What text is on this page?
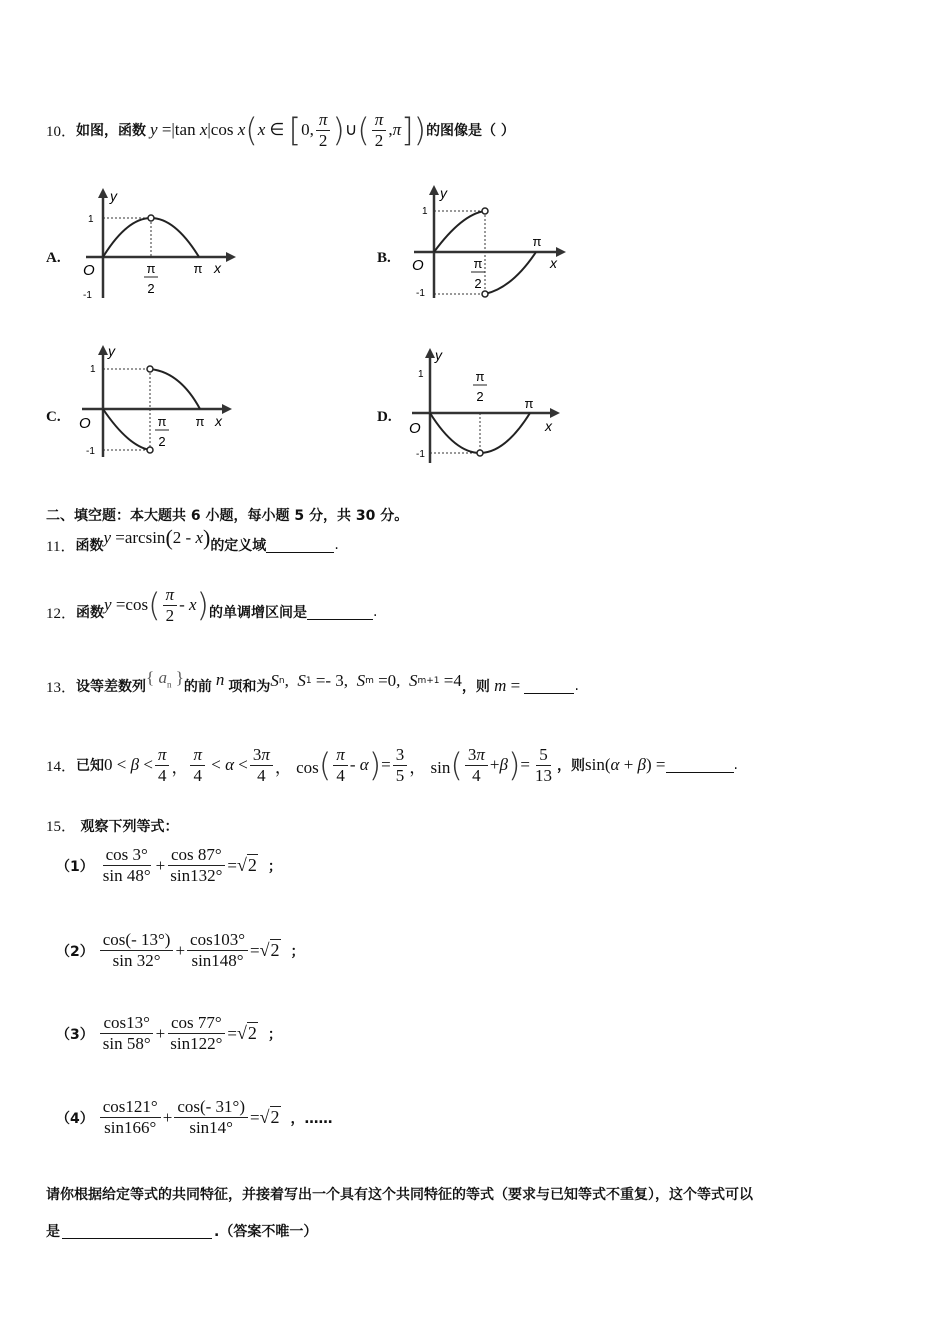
10． 如图，函数 y =|tan x |cos x ( x ∈ [ 0, $\frac{\pi}{2}$ ) ∪ ( $\frac{\pi}{2}$ , π ] ) 的图像是（ ）
A.	B.
C.	D.
y
1
-1
O	π
2
π x
y
1
-1
O	π
2
π
x
y
1
-1
O	π
2
π x
y
1
-1
O
π
2	π
x
二、填空题：本大题共 6 小题，每小题 5 分，共 30 分。
11． 函数 y =arcsin ( 2 - x ) 的定义域	.
12． 函数 y =cos ( $\frac{\pi}{2}$ - x ) 的单调增区间是	.
13． 设等差数列 { $a_n$ } 的前 n 项和为 S n , S 1 =- 3, S m =0, S m+1 =4 ，则 m =	.
14． 已知 $0 < \beta < \frac{\pi}{4}$ ， $\frac{\pi}{4} < \alpha < \frac{3\pi}{4}$ ， cos ( $\frac{\pi}{4}$ - α ) = $\frac{3}{5}$ ， sin ( $\frac{3\pi}{4} + \beta$ ) = $\frac{5}{13}$ ，则 sin( α + β ) =	.
15． 观察下列等式：
$(1) \frac{\cos 3^\circ}{\sin 48^\circ} + \frac{\cos 87^\circ}{\sin 132^\circ} = √2$ ；
$(2) \frac{\cos(- 13^\circ)}{\sin 32^\circ} + \frac{\cos 103^\circ}{\sin 148^\circ} = √2$ ；
$(3) \frac{\cos 13^\circ}{\sin 58^\circ} + \frac{\cos 77^\circ}{\sin 122^\circ} = √2$ ；
$(4) \frac{\cos 121^\circ}{\sin 166^\circ} + \frac{\cos(- 31^\circ)}{\sin 14^\circ} = √2$ ，……
请你根据给定等式的共同特征，并接着写出一个具有这个共同特征的等式（要求与已知等式不重复），这个等式可以
是	.（答案不唯一）
